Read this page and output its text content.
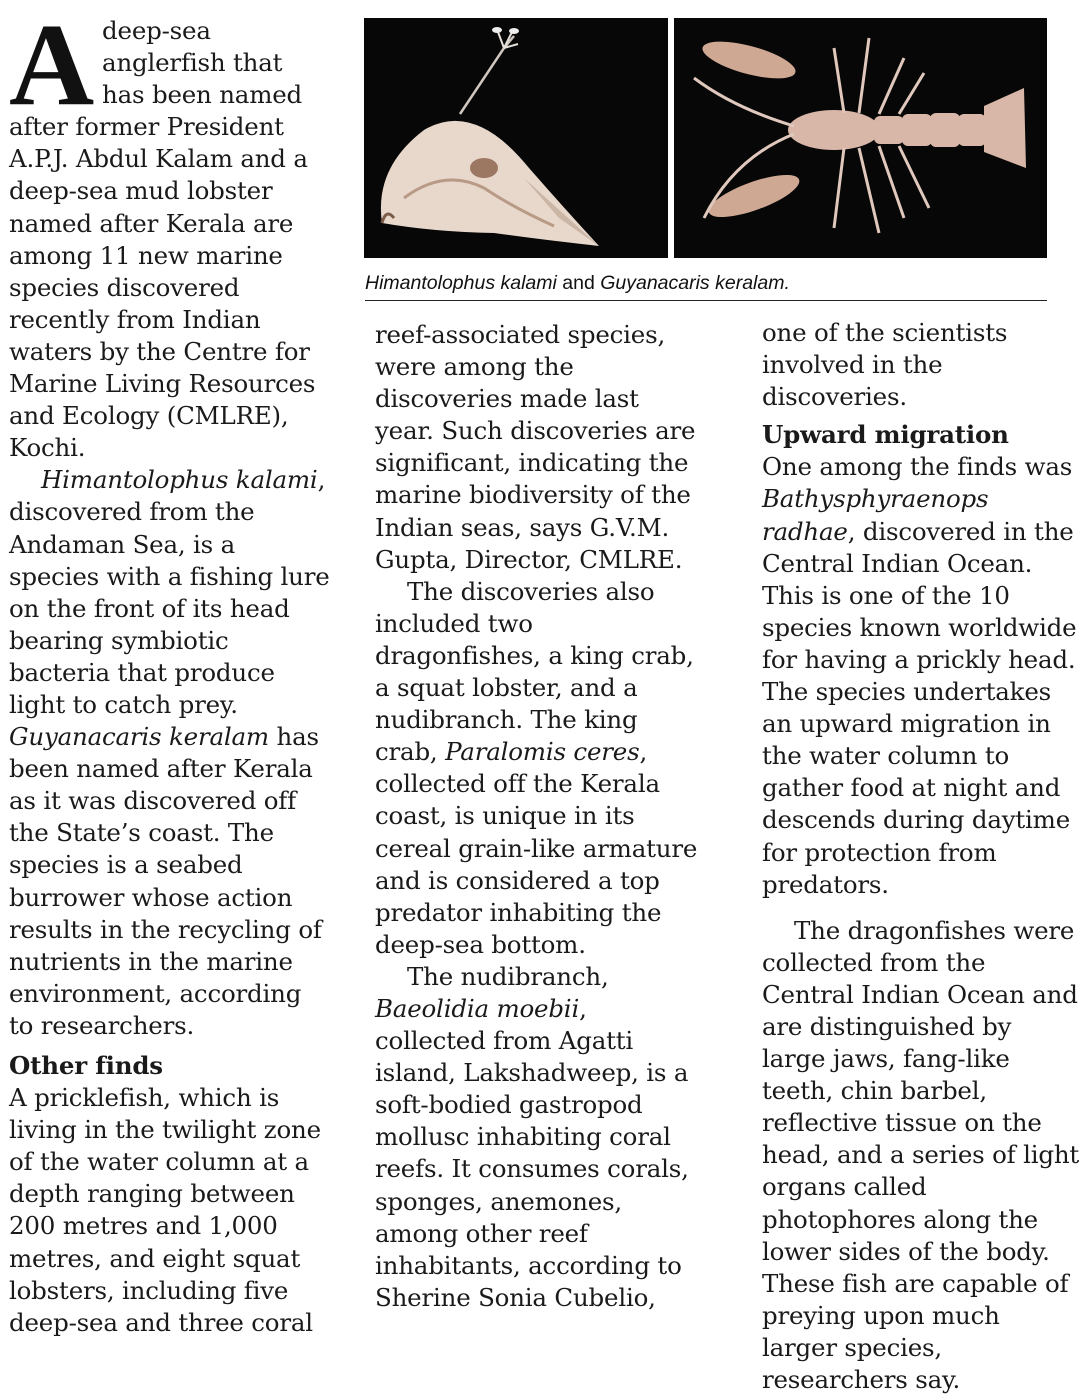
Himantolophus kalami and Guyanacaris keralam.

Adeep-sea anglerfish that has been named after former President A.P.J. Abdul Kalam and a deep-sea mud lobster named after Kerala are among 11 new marine species discovered recently from Indian waters by the Centre for Marine Living Resources and Ecology (CMLRE), Kochi.

Himantolophus kalami, discovered from the Andaman Sea, is a species with a fishing lure on the front of its head bearing symbiotic bacteria that produce light to catch prey. Guyanacaris keralam has been named after Kerala as it was discovered off the State’s coast. The species is a seabed burrower whose action results in the recycling of nutrients in the marine environment, according to researchers.

Other finds

A pricklefish, which is living in the twilight zone of the water column at a depth ranging between 200 metres and 1,000 metres, and eight squat lobsters, including five deep-sea and three coral

reef-associated species, were among the discoveries made last year. Such discoveries are significant, indicating the marine biodiversity of the Indian seas, says G.V.M. Gupta, Director, CMLRE.

The discoveries also included two dragonfishes, a king crab, a squat lobster, and a nudibranch. The king crab, Paralomis ceres, collected off the Kerala coast, is unique in its cereal grain-like armature and is considered a top predator inhabiting the deep-sea bottom.

The nudibranch, Baeolidia moebii, collected from Agatti island, Lakshadweep, is a soft-bodied gastropod mollusc inhabiting coral reefs. It consumes corals, sponges, anemones, among other reef inhabitants, according to Sherine Sonia Cubelio,

one of the scientists involved in the discoveries.

Upward migration

One among the finds was Bathysphyraenops radhae, discovered in the Central Indian Ocean. This is one of the 10 species known worldwide for having a prickly head. The species undertakes an upward migration in the water column to gather food at night and descends during daytime for protection from predators.

The dragonfishes were collected from the Central Indian Ocean and are distinguished by large jaws, fang-like teeth, chin barbel, reflective tissue on the head, and a series of light organs called photophores along the lower sides of the body. These fish are capable of preying upon much larger species, researchers say.
